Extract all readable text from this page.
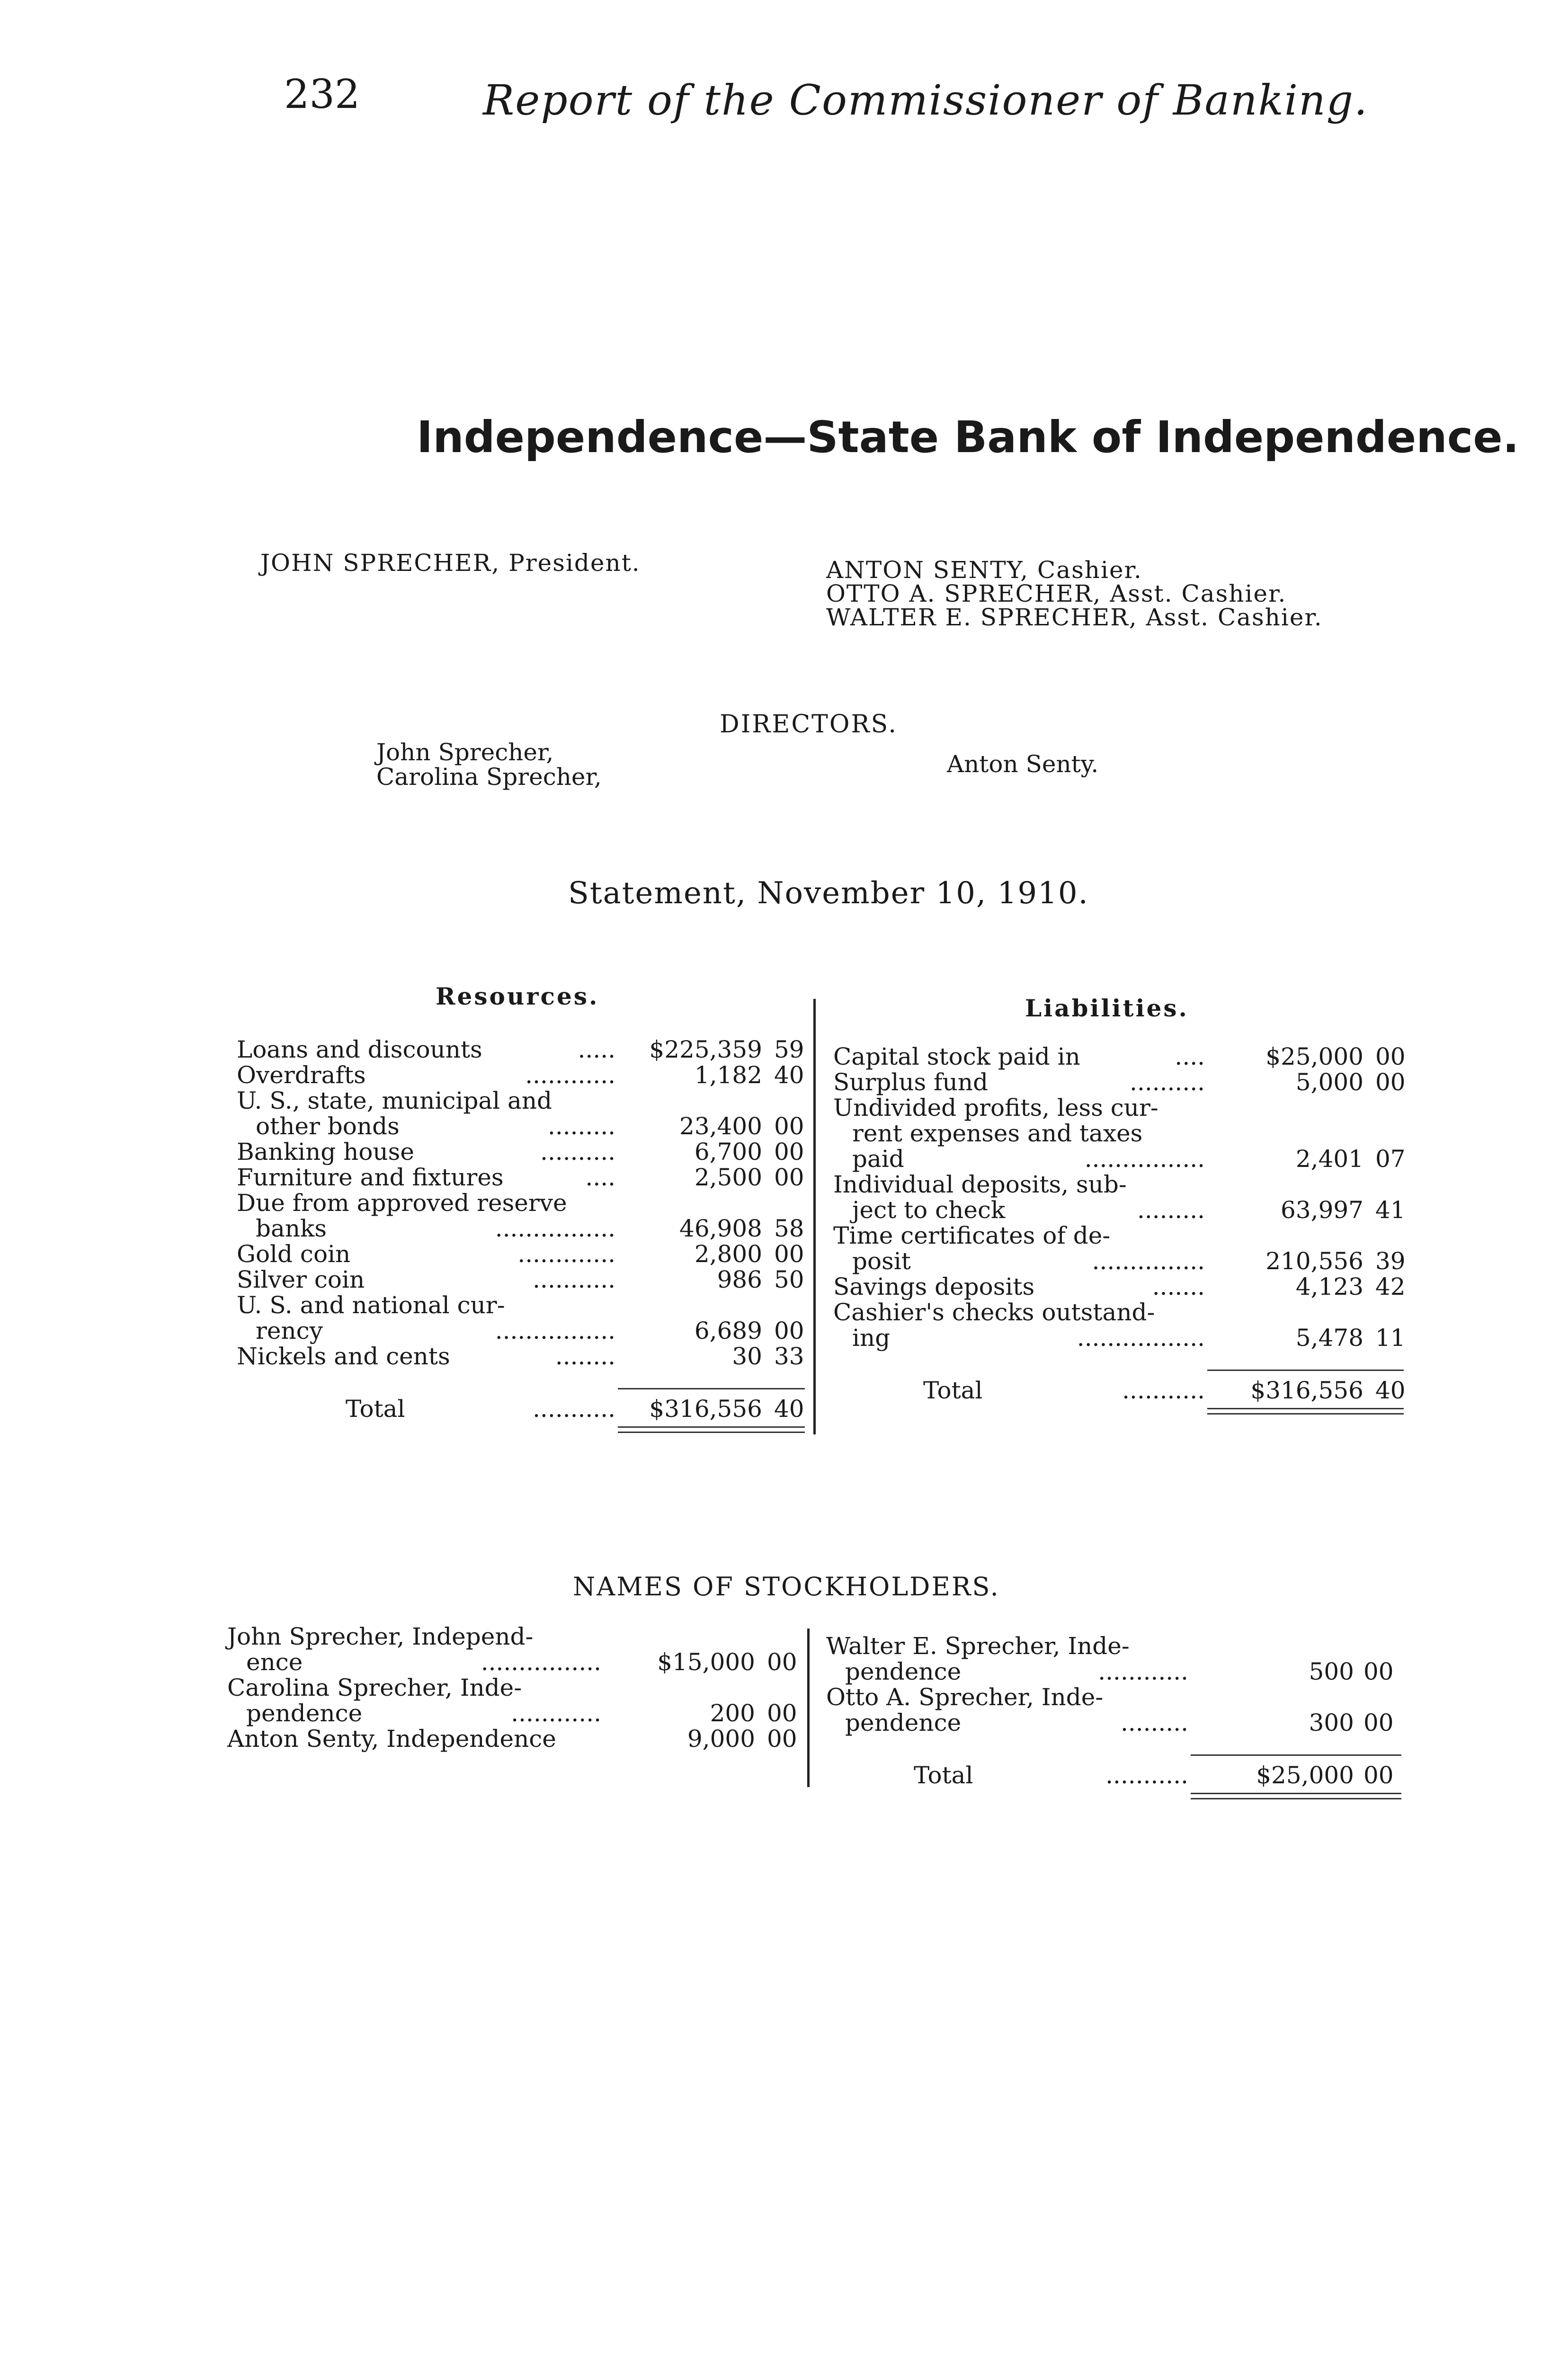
232	Report of the Commissioner of Banking.
Independence—State Bank of Independence.
JOHN SPRECHER, President.	ANTON SENTY, Cashier.
OTTO A. SPRECHER, Asst. Cashier.
WALTER E. SPRECHER, Asst. Cashier.
DIRECTORS.
John Sprecher,
Carolina Sprecher,	Anton Senty.
Statement, November 10, 1910.
Resources.	Liabilities.
Loans and discounts	.....	$225,359 59
Overdrafts	............	1,182 40
U. S., state, municipal and
other bonds	.........	23,400 00
Banking house	..........	6,700 00
Furniture and fixtures	....	2,500 00
Due from approved reserve
banks	................	46,908 58
Gold coin	.............	2,800 00
Silver coin	...........	986 50
U. S. and national cur-
rency	................	6,689 00
Nickels and cents	........	30 33
Total	...........	$316,556 40
Capital stock paid in	....	$25,000 00
Surplus fund	..........	5,000 00
Undivided profits, less cur-
rent expenses and taxes
paid	................	2,401 07
Individual deposits, sub-
ject to check	.........	63,997 41
Time certificates of de-
posit	...............	210,556 39
Savings deposits	.......	4,123 42
Cashier's checks outstand-
ing	.................	5,478 11
Total	...........	$316,556 40
NAMES OF STOCKHOLDERS.
John Sprecher, Independ-
ence	................	$15,000 00
Carolina Sprecher, Inde-
pendence	............	200 00
Anton Senty, Independence	9,000 00
Walter E. Sprecher, Inde-
pendence	............	500 00
Otto A. Sprecher, Inde-
pendence	.........	300 00
Total	...........	$25,000 00
